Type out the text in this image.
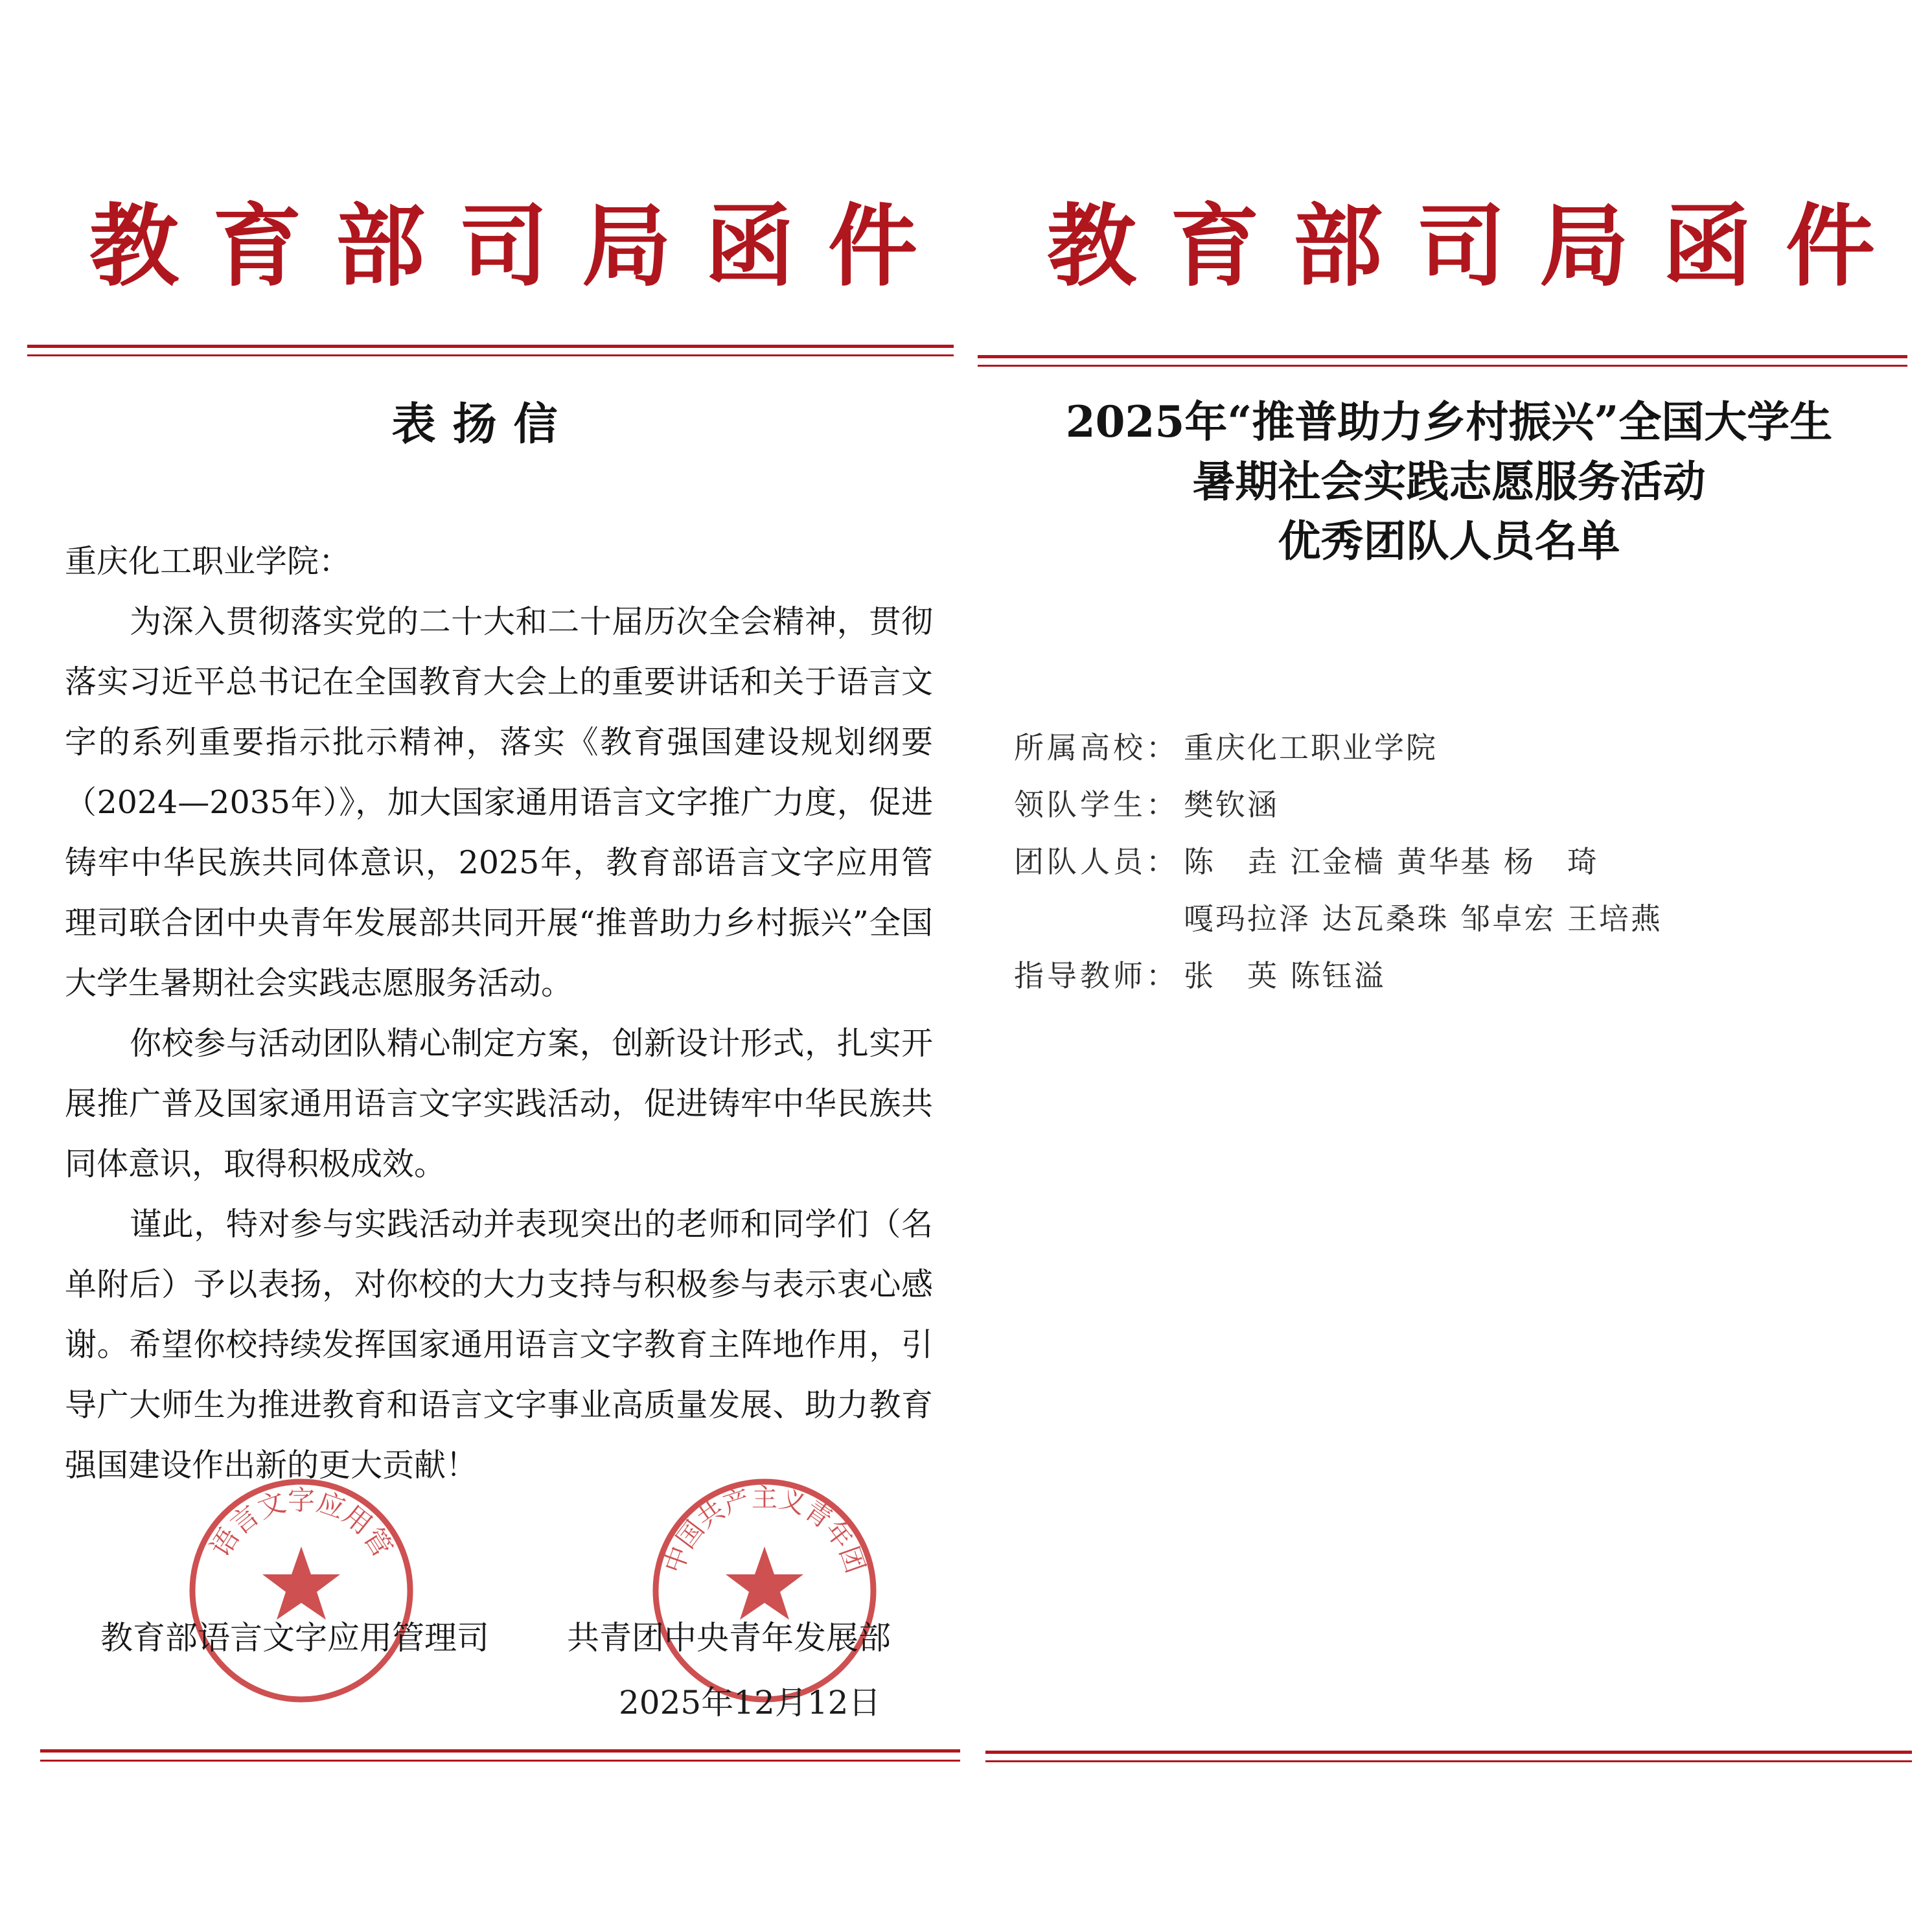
教育部司局函件
表扬信

重庆化工职业学院：

为深入贯彻落实党的二十大和二十届历次全会精神，贯彻落实习近平总书记在全国教育大会上的重要讲话和关于语言文字的系列重要指示批示精神，落实《教育强国建设规划纲要（2024—2035年）》，加大国家通用语言文字推广力度，促进铸牢中华民族共同体意识，2025年，教育部语言文字应用管理司联合团中央青年发展部共同开展“推普助力乡村振兴”全国大学生暑期社会实践志愿服务活动。

你校参与活动团队精心制定方案，创新设计形式，扎实开展推广普及国家通用语言文字实践活动，促进铸牢中华民族共同体意识，取得积极成效。

谨此，特对参与实践活动并表现突出的老师和同学们（名单附后）予以表扬，对你校的大力支持与积极参与表示衷心感谢。希望你校持续发挥国家通用语言文字教育主阵地作用，引导广大师生为推进教育和语言文字事业高质量发展、助力教育强国建设作出新的更大贡献！

语言文字应用管	中国共产主义青年团
教育部语言文字应用管理司 共青团中央青年发展部
2025年12月12日
教育部司局函件
2025年“推普助力乡村振兴”全国大学生
暑期社会实践志愿服务活动
优秀团队人员名单
所属高校： 重庆化工职业学院
领队学生： 樊钦涵
团队人员： 陈　垚 江金樯 黄华基 杨　琦
嘎玛拉泽 达瓦桑珠 邹卓宏 王培燕
指导教师： 张　英 陈钰溢
